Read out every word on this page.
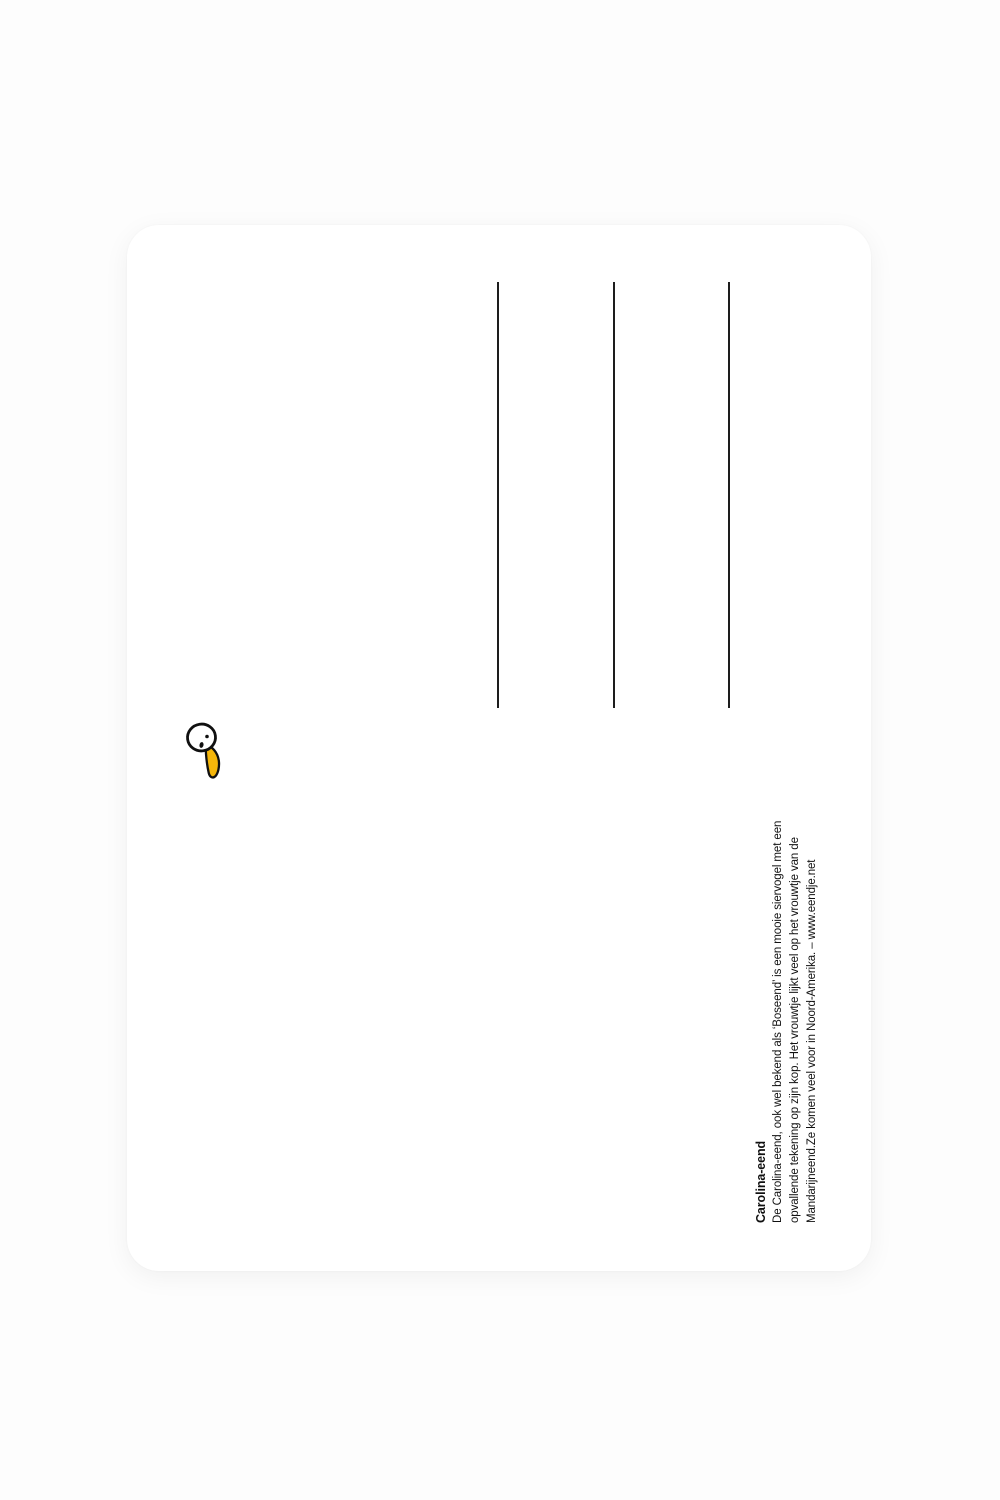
Carolina-eend De Carolina-eend, ook wel bekend als ‘Boseend’ is een mooie siervogel met een opvallende tekening op zijn kop. Het vrouwtje lijkt veel op het vrouwtje van de Mandarijneend.Ze komen veel voor in Noord-Amerika. – www.eendje.net
